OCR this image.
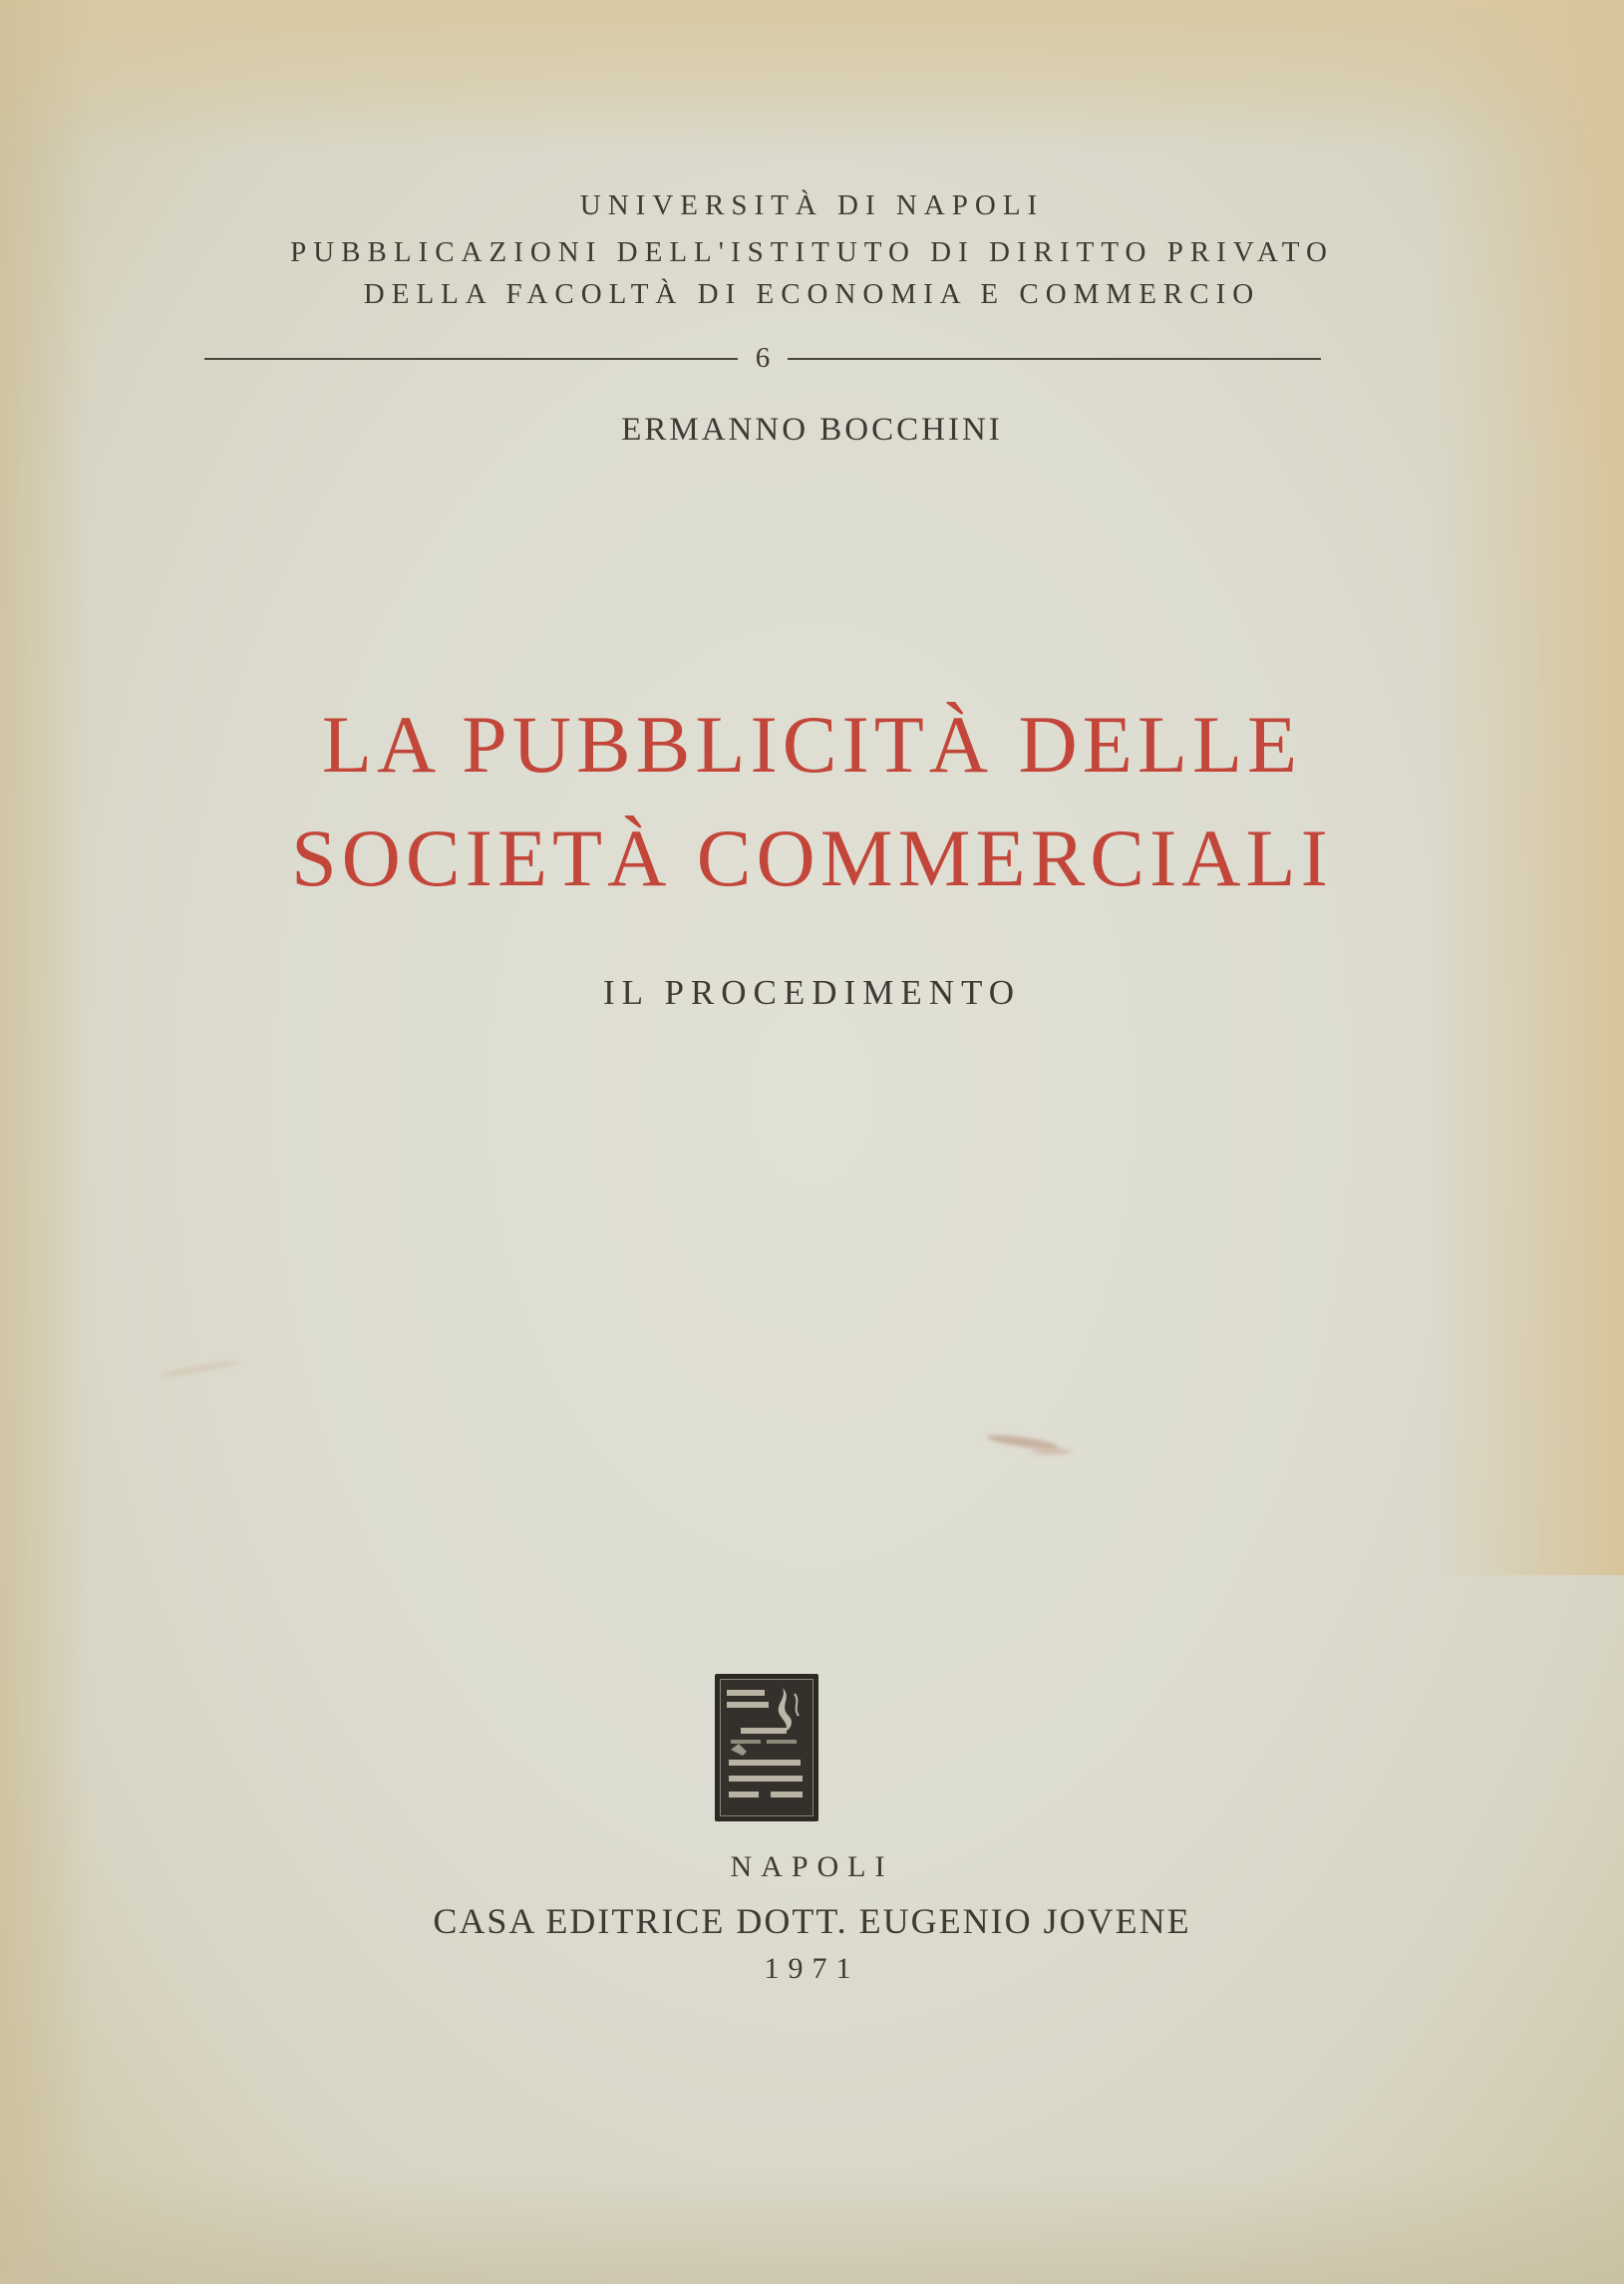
UNIVERSITÀ DI NAPOLI
PUBBLICAZIONI DELL'ISTITUTO DI DIRITTO PRIVATO
DELLA FACOLTÀ DI ECONOMIA E COMMERCIO
6
ERMANNO BOCCHINI
LA PUBBLICITÀ DELLE
SOCIETÀ COMMERCIALI
IL PROCEDIMENTO
NAPOLI
CASA EDITRICE DOTT. EUGENIO JOVENE
1971
